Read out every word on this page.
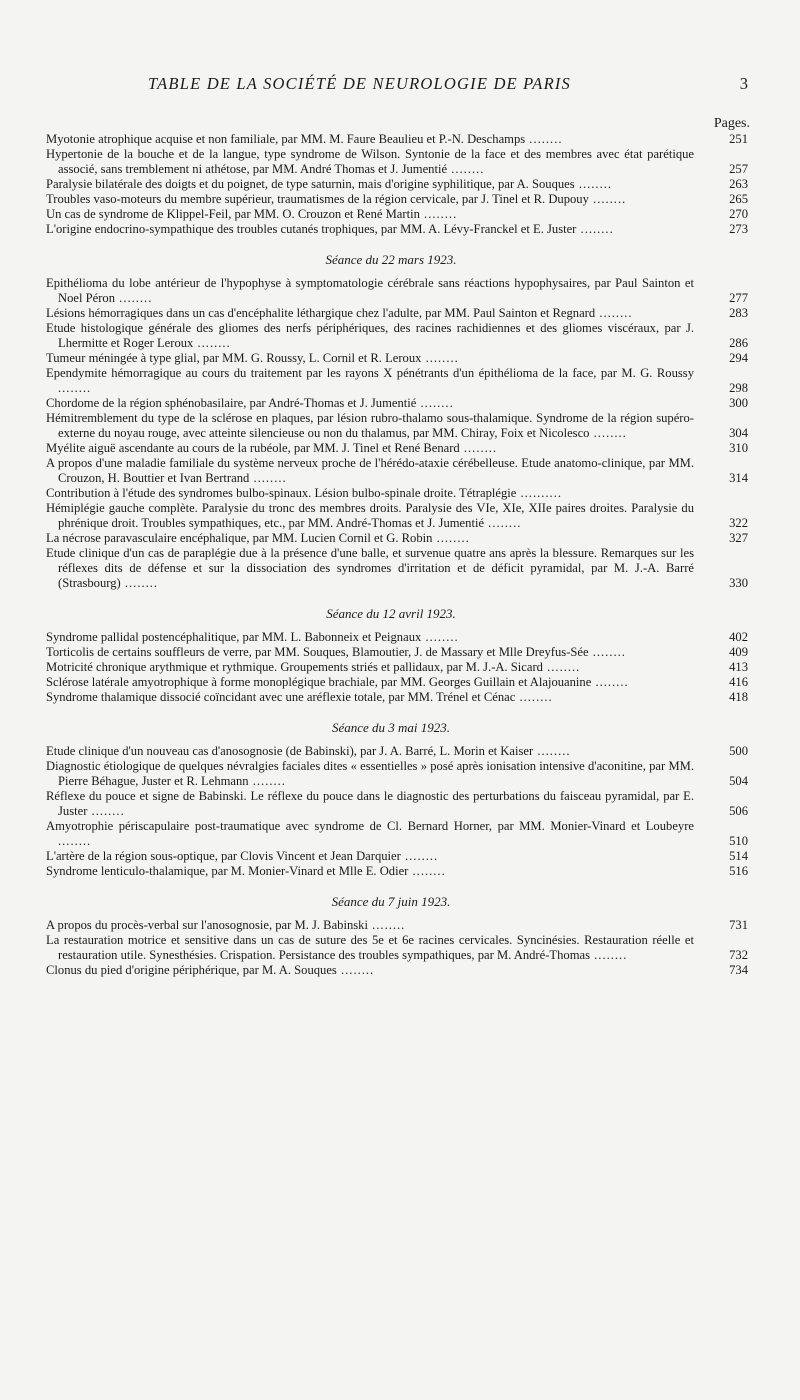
TABLE DE LA SOCIÉTÉ DE NEUROLOGIE DE PARIS	3
Pages.
Myotonie atrophique acquise et non familiale, par MM. M. Faure Beaulieu et P.-N. Deschamps ........	251
Hypertonie de la bouche et de la langue, type syndrome de Wilson. Syntonie de la face et des membres avec état parétique associé, sans tremblement ni athétose, par MM. André Thomas et J. Jumentié ........	257
Paralysie bilatérale des doigts et du poignet, de type saturnin, mais d'origine syphilitique, par A. Souques ........	263
Troubles vaso-moteurs du membre supérieur, traumatismes de la région cervicale, par J. Tinel et R. Dupouy ........	265
Un cas de syndrome de Klippel-Feil, par MM. O. Crouzon et René Martin ........	270
L'origine endocrino-sympathique des troubles cutanés trophiques, par MM. A. Lévy-Franckel et E. Juster ........	273
Séance du 22 mars 1923.
Epithélioma du lobe antérieur de l'hypophyse à symptomatologie cérébrale sans réactions hypophysaires, par Paul Sainton et Noel Péron ........	277
Lésions hémorragiques dans un cas d'encéphalite léthargique chez l'adulte, par MM. Paul Sainton et Regnard ........	283
Etude histologique générale des gliomes des nerfs périphériques, des racines rachidiennes et des gliomes viscéraux, par J. Lhermitte et Roger Leroux ........	286
Tumeur méningée à type glial, par MM. G. Roussy, L. Cornil et R. Leroux ........	294
Ependymite hémorragique au cours du traitement par les rayons X pénétrants d'un épithélioma de la face, par M. G. Roussy ........	298
Chordome de la région sphénobasilaire, par André-Thomas et J. Jumentié ........	300
Hémitremblement du type de la sclérose en plaques, par lésion rubro-thalamo sous-thalamique. Syndrome de la région supéro-externe du noyau rouge, avec atteinte silencieuse ou non du thalamus, par MM. Chiray, Foix et Nicolesco ........	304
Myélite aiguë ascendante au cours de la rubéole, par MM. J. Tinel et René Benard ........	310
A propos d'une maladie familiale du système nerveux proche de l'hérédo-ataxie cérébelleuse. Etude anatomo-clinique, par MM. Crouzon, H. Bouttier et Ivan Bertrand ........	314
Contribution à l'étude des syndromes bulbo-spinaux. Lésion bulbo-spinale droite. Tétraplégie ..........
Hémiplégie gauche complète. Paralysie du tronc des membres droits. Paralysie des VIe, XIe, XIIe paires droites. Paralysie du phrénique droit. Troubles sympathiques, etc., par MM. André-Thomas et J. Jumentié ........	322
La nécrose paravasculaire encéphalique, par MM. Lucien Cornil et G. Robin ........	327
Etude clinique d'un cas de paraplégie due à la présence d'une balle, et survenue quatre ans après la blessure. Remarques sur les réflexes dits de défense et sur la dissociation des syndromes d'irritation et de déficit pyramidal, par M. J.-A. Barré (Strasbourg) ........	330
Séance du 12 avril 1923.
Syndrome pallidal postencéphalitique, par MM. L. Babonneix et Peignaux ........	402
Torticolis de certains souffleurs de verre, par MM. Souques, Blamoutier, J. de Massary et Mlle Dreyfus-Sée ........	409
Motricité chronique arythmique et rythmique. Groupements striés et pallidaux, par M. J.-A. Sicard ........	413
Sclérose latérale amyotrophique à forme monoplégique brachiale, par MM. Georges Guillain et Alajouanine ........	416
Syndrome thalamique dissocié coïncidant avec une aréflexie totale, par MM. Trénel et Cénac ........	418
Séance du 3 mai 1923.
Etude clinique d'un nouveau cas d'anosognosie (de Babinski), par J. A. Barré, L. Morin et Kaiser ........	500
Diagnostic étiologique de quelques névralgies faciales dites « essentielles » posé après ionisation intensive d'aconitine, par MM. Pierre Béhague, Juster et R. Lehmann ........	504
Réflexe du pouce et signe de Babinski. Le réflexe du pouce dans le diagnostic des perturbations du faisceau pyramidal, par E. Juster ........	506
Amyotrophie périscapulaire post-traumatique avec syndrome de Cl. Bernard Horner, par MM. Monier-Vinard et Loubeyre ........	510
L'artère de la région sous-optique, par Clovis Vincent et Jean Darquier ........	514
Syndrome lenticulo-thalamique, par M. Monier-Vinard et Mlle E. Odier ........	516
Séance du 7 juin 1923.
A propos du procès-verbal sur l'anosognosie, par M. J. Babinski ........	731
La restauration motrice et sensitive dans un cas de suture des 5e et 6e racines cervicales. Syncinésies. Restauration réelle et restauration utile. Synesthésies. Crispation. Persistance des troubles sympathiques, par M. André-Thomas ........	732
Clonus du pied d'origine périphérique, par M. A. Souques ........	734
